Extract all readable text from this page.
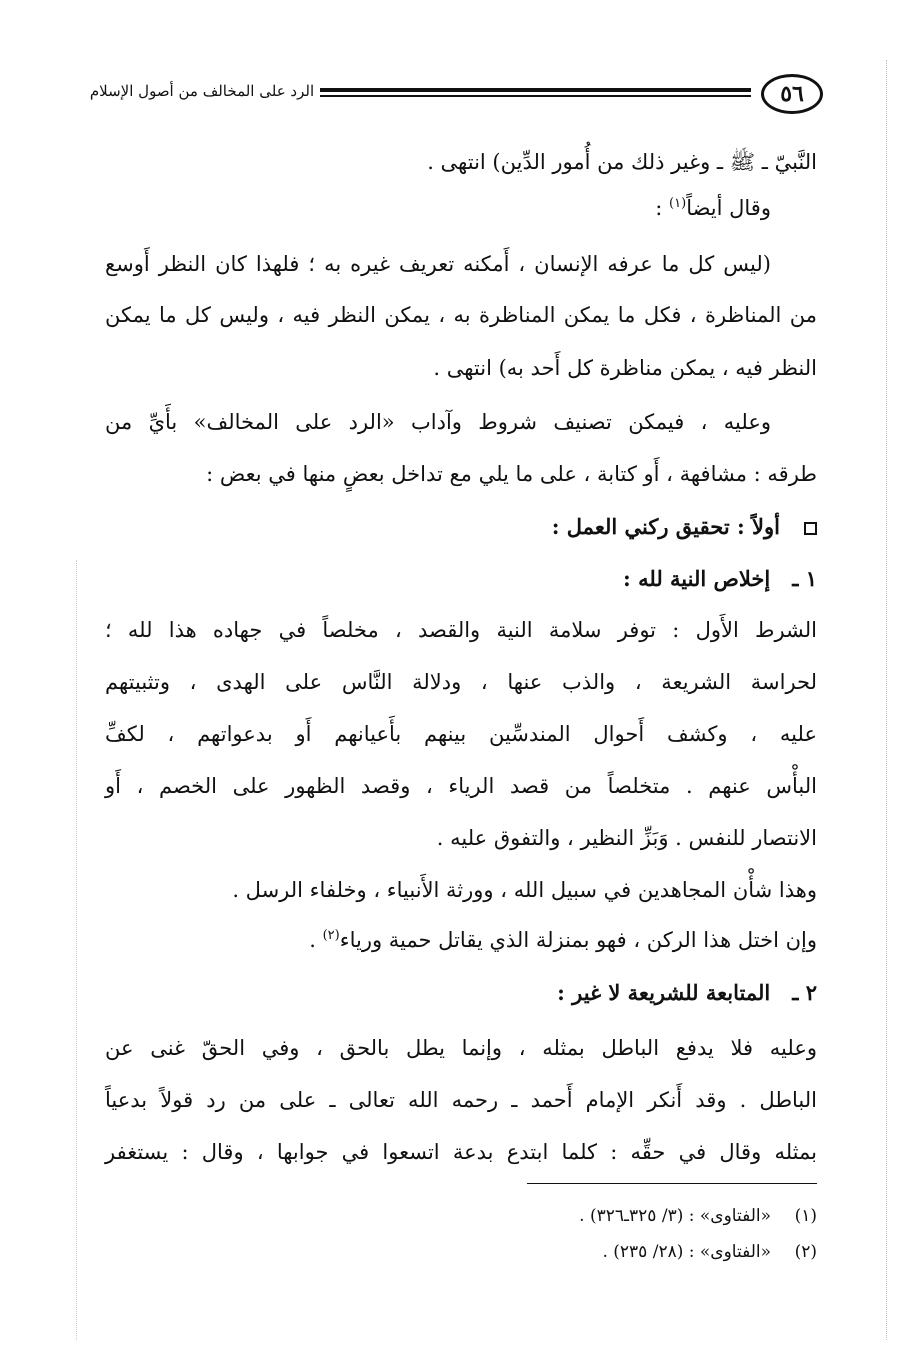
٥٦
الرد على المخالف من أصول الإسلام
النَّبيّ ـ ﷺ ـ وغير ذلك من أُمور الدِّين) انتهى .
وقال أيضاً$^{(١)}$ :
(ليس كل ما عرفه الإنسان ، أَمكنه تعريف غيره به ؛ فلهذا كان النظر أَوسع
من المناظرة ، فكل ما يمكن المناظرة به ، يمكن النظر فيه ، وليس كل ما يمكن
النظر فيه ، يمكن مناظرة كل أَحد به) انتهى .
وعليه ، فيمكن تصنيف شروط وآداب «الرد على المخالف» بأَيِّ من
طرقه : مشافهة ، أَو كتابة ، على ما يلي مع تداخل بعضٍ منها في بعض :
أولاً : تحقيق ركني العمل :
١ ـإخلاص النية لله :
الشرط الأَول : توفر سلامة النية والقصد ، مخلصاً في جهاده هذا لله ؛
لحراسة الشريعة ، والذب عنها ، ودلالة النَّاس على الهدى ، وتثبيتهم
عليه ، وكشف أَحوال المندسِّين بينهم بأَعيانهم أَو بدعواتهم ، لكفِّ
البأْس عنهم . متخلصاً من قصد الرياء ، وقصد الظهور على الخصم ، أَو
الانتصار للنفس . وَبَزِّ النظير ، والتفوق عليه .
وهذا شأْن المجاهدين في سبيل الله ، وورثة الأَنبياء ، وخلفاء الرسل .
وإن اختل هذا الركن ، فهو بمنزلة الذي يقاتل حمية ورياء$^{(٢)}$ .
٢ ـالمتابعة للشريعة لا غير :
وعليه فلا يدفع الباطل بمثله ، وإنما يطل بالحق ، وفي الحقّ غنى عن
الباطل . وقد أَنكر الإمام أَحمد ـ رحمه الله تعالى ـ على من رد قولاً بدعياً
بمثله وقال في حقِّه : كلما ابتدع بدعة اتسعوا في جوابها ، وقال : يستغفر
(١)«الفتاوى» : (٣/ ٣٢٥ـ٣٢٦) .
(٢)«الفتاوى» : (٢٨/ ٢٣٥) .
